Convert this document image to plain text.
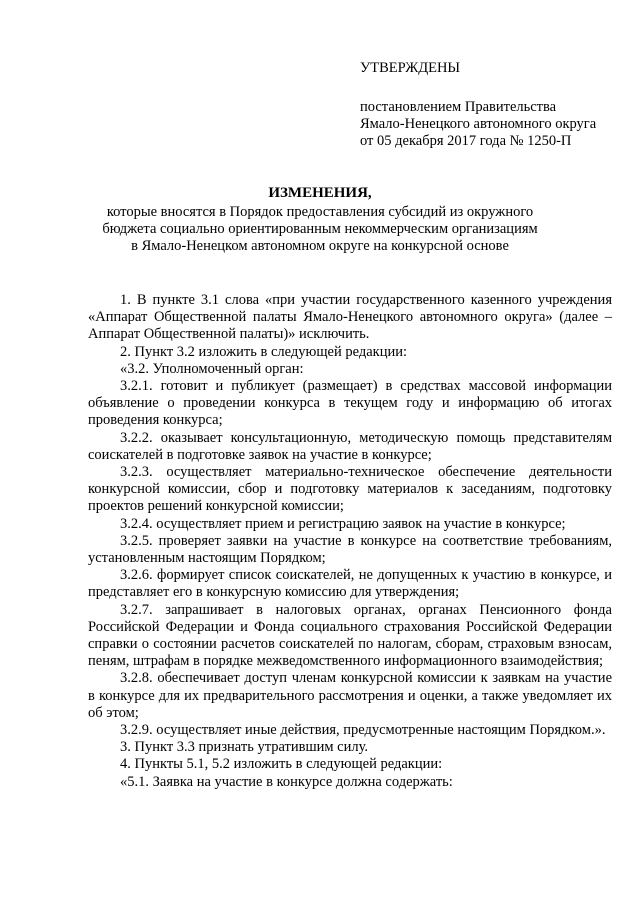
УТВЕРЖДЕНЫ
постановлением Правительства
Ямало-Ненецкого автономного округа
от 05 декабря 2017 года № 1250-П
ИЗМЕНЕНИЯ,
которые вносятся в Порядок предоставления субсидий из окружного
бюджета социально ориентированным некоммерческим организациям
в Ямало-Ненецком автономном округе на конкурсной основе

1. В пункте 3.1 слова «при участии государственного казенного учреждения «Аппарат Общественной палаты Ямало-Ненецкого автономного округа» (далее – Аппарат Общественной палаты)» исключить.

2. Пункт 3.2 изложить в следующей редакции:

«3.2. Уполномоченный орган:

3.2.1. готовит и публикует (размещает) в средствах массовой информации объявление о проведении конкурса в текущем году и информацию об итогах проведения конкурса;

3.2.2. оказывает консультационную, методическую помощь представителям соискателей в подготовке заявок на участие в конкурсе;

3.2.3. осуществляет материально-техническое обеспечение деятельности конкурсной комиссии, сбор и подготовку материалов к заседаниям, подготовку проектов решений конкурсной комиссии;

3.2.4. осуществляет прием и регистрацию заявок на участие в конкурсе;

3.2.5. проверяет заявки на участие в конкурсе на соответствие требованиям, установленным настоящим Порядком;

3.2.6. формирует список соискателей, не допущенных к участию в конкурсе, и представляет его в конкурсную комиссию для утверждения;

3.2.7. запрашивает в налоговых органах, органах Пенсионного фонда Российской Федерации и Фонда социального страхования Российской Федерации справки о состоянии расчетов соискателей по налогам, сборам, страховым взносам, пеням, штрафам в порядке межведомственного информационного взаимодействия;

3.2.8. обеспечивает доступ членам конкурсной комиссии к заявкам на участие в конкурсе для их предварительного рассмотрения и оценки, а также уведомляет их об этом;

3.2.9. осуществляет иные действия, предусмотренные настоящим Порядком.».

3. Пункт 3.3 признать утратившим силу.

4. Пункты 5.1, 5.2 изложить в следующей редакции:

«5.1. Заявка на участие в конкурсе должна содержать:
